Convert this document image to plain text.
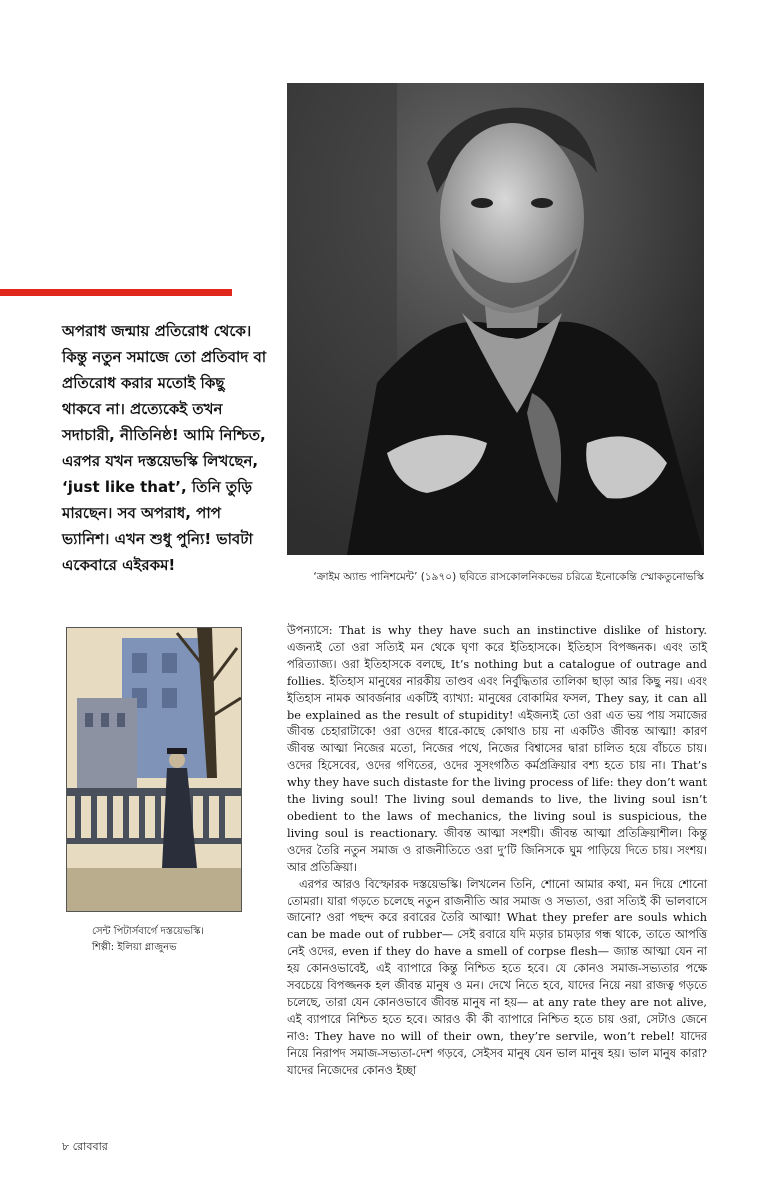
অপরাধ জন্মায় প্রতিরোধ থেকে। কিন্তু নতুন সমাজে তো প্রতিবাদ বা প্রতিরোধ করার মতোই কিছু থাকবে না। প্রত্যেকেই তখন সদাচারী, নীতিনিষ্ঠ! আমি নিশ্চিত, এরপর যখন দস্তয়েভস্কি লিখছেন, ‘just like that’, তিনি তুড়ি মারছেন। সব অপরাধ, পাপ ভ্যানিশ। এখন শুধু পুন্যি! ভাবটা একেবারে এইরকম!
‘ক্রাইম অ্যান্ড পানিশমেন্ট’ (১৯৭০) ছবিতে রাসকোলনিকভের চরিত্রে ইনোকেন্তি স্মোকতুনোভস্কি
সেন্ট পিটার্সবার্গে দস্তয়েভস্কি।
শিল্পী: ইলিয়া গ্লাজুনভ

উপন্যাসে: That is why they have such an instinctive dislike of history. এজন্যই তো ওরা সত্যিই মন থেকে ঘৃণা করে ইতিহাসকে। ইতিহাস বিপজ্জনক। এবং তাই পরিত্যাজ্য। ওরা ইতিহাসকে বলছে, It’s nothing but a catalogue of outrage and follies. ইতিহাস মানুষের নারকীয় তাণ্ডব এবং নির্বুদ্ধিতার তালিকা ছাড়া আর কিছু নয়। এবং ইতিহাস নামক আবর্জনার একটিই ব্যাখ্যা: মানুষের বোকামির ফসল, They say, it can all be explained as the result of stupidity! এইজন্যই তো ওরা এত ভয় পায় সমাজের জীবন্ত চেহারাটাকে! ওরা ওদের ধারে-কাছে কোথাও চায় না একটিও জীবন্ত আত্মা! কারণ জীবন্ত আত্মা নিজের মতো, নিজের পথে, নিজের বিশ্বাসের দ্বারা চালিত হয়ে বাঁচতে চায়। ওদের হিসেবের, ওদের গণিতের, ওদের সুসংগঠিত কর্মপ্রক্রিয়ার বশ্য হতে চায় না। That’s why they have such distaste for the living process of life: they don’t want the living soul! The living soul demands to live, the living soul isn’t obedient to the laws of mechanics, the living soul is suspicious, the living soul is reactionary. জীবন্ত আত্মা সংশয়ী। জীবন্ত আত্মা প্রতিক্রিয়াশীল। কিন্তু ওদের তৈরি নতুন সমাজ ও রাজনীতিতে ওরা দু’টি জিনিসকে ঘুম পাড়িয়ে দিতে চায়। সংশয়। আর প্রতিক্রিয়া।

এরপর আরও বিস্ফোরক দস্তয়েভস্কি। লিখলেন তিনি, শোনো আমার কথা, মন দিয়ে শোনো তোমরা। যারা গড়তে চলেছে নতুন রাজনীতি আর সমাজ ও সভ্যতা, ওরা সত্যিই কী ভালবাসে জানো? ওরা পছন্দ করে রবারের তৈরি আত্মা! What they prefer are souls which can be made out of rubber— সেই রবারে যদি মড়ার চামড়ার গন্ধ থাকে, তাতে আপত্তি নেই ওদের, even if they do have a smell of corpse flesh— জ্যান্ত আত্মা যেন না হয় কোনওভাবেই, এই ব্যাপারে কিন্তু নিশ্চিত হতে হবে। যে কোনও সমাজ-সভ্যতার পক্ষে সবচেয়ে বিপজ্জনক হল জীবন্ত মানুষ ও মন। দেখে নিতে হবে, যাদের নিয়ে নয়া রাজত্ব গড়তে চলেছে, তারা যেন কোনওভাবে জীবন্ত মানুষ না হয়— at any rate they are not alive, এই ব্যাপারে নিশ্চিত হতে হবে। আরও কী কী ব্যাপারে নিশ্চিত হতে চায় ওরা, সেটাও জেনে নাও: They have no will of their own, they’re servile, won’t rebel! যাদের নিয়ে নিরাপদ সমাজ-সভ্যতা-দেশ গড়বে, সেইসব মানুষ যেন ভাল মানুষ হয়। ভাল মানুষ কারা? যাদের নিজেদের কোনও ইচ্ছা

৮ রোববার
